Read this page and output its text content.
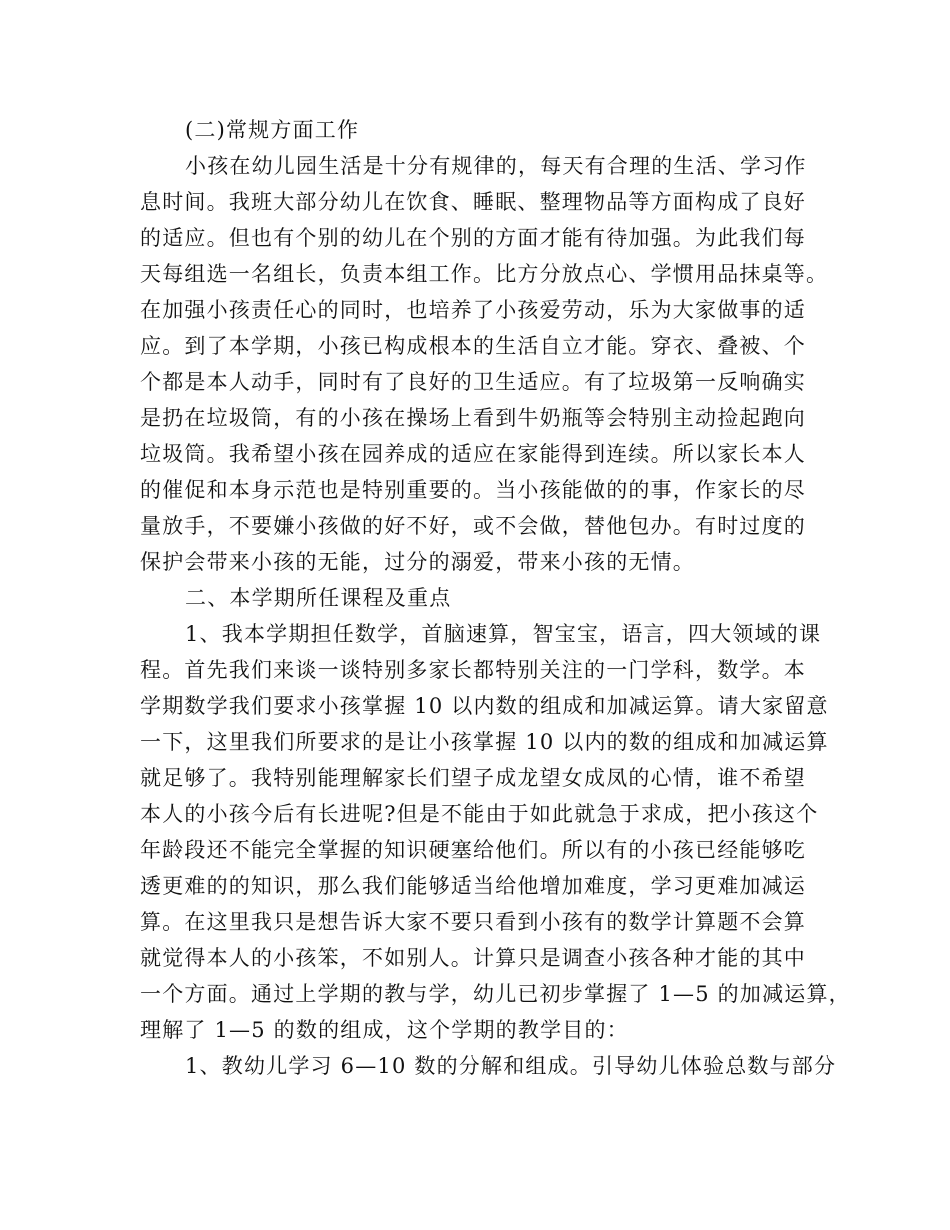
(二)常规方面工作
小孩在幼儿园生活是十分有规律的，每天有合理的生活、学习作
息时间。我班大部分幼儿在饮食、睡眠、整理物品等方面构成了良好
的适应。但也有个别的幼儿在个别的方面才能有待加强。为此我们每
天每组选一名组长，负责本组工作。比方分放点心、学惯用品抹桌等。
在加强小孩责任心的同时，也培养了小孩爱劳动，乐为大家做事的适
应。到了本学期，小孩已构成根本的生活自立才能。穿衣、叠被、个
个都是本人动手，同时有了良好的卫生适应。有了垃圾第一反响确实
是扔在垃圾筒，有的小孩在操场上看到牛奶瓶等会特别主动捡起跑向
垃圾筒。我希望小孩在园养成的适应在家能得到连续。所以家长本人
的催促和本身示范也是特别重要的。当小孩能做的的事，作家长的尽
量放手，不要嫌小孩做的好不好，或不会做，替他包办。有时过度的
保护会带来小孩的无能，过分的溺爱，带来小孩的无情。
二、本学期所任课程及重点
1、我本学期担任数学，首脑速算，智宝宝，语言，四大领域的课
程。首先我们来谈一谈特别多家长都特别关注的一门学科，数学。本
学期数学我们要求小孩掌握 10 以内数的组成和加减运算。请大家留意
一下，这里我们所要求的是让小孩掌握 10 以内的数的组成和加减运算
就足够了。我特别能理解家长们望子成龙望女成凤的心情，谁不希望
本人的小孩今后有长进呢?但是不能由于如此就急于求成，把小孩这个
年龄段还不能完全掌握的知识硬塞给他们。所以有的小孩已经能够吃
透更难的的知识，那么我们能够适当给他增加难度，学习更难加减运
算。在这里我只是想告诉大家不要只看到小孩有的数学计算题不会算
就觉得本人的小孩笨，不如别人。计算只是调查小孩各种才能的其中
一个方面。通过上学期的教与学，幼儿已初步掌握了 1—5 的加减运算，
理解了 1—5 的数的组成，这个学期的教学目的：
1、教幼儿学习 6—10 数的分解和组成。引导幼儿体验总数与部分
